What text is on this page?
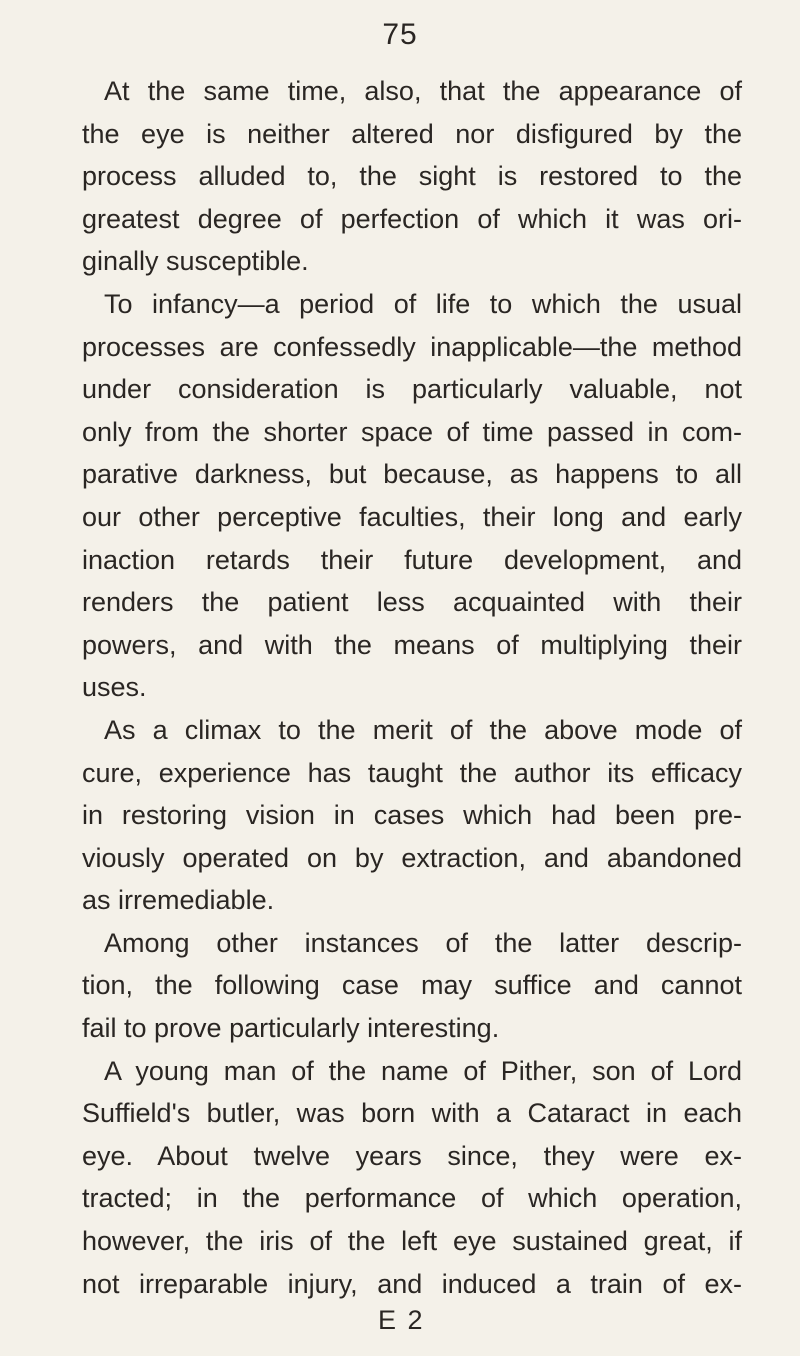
75
At the same time, also, that the appearance of
the eye is neither altered nor disfigured by the
process alluded to, the sight is restored to the
greatest degree of perfection of which it was ori-
ginally susceptible.
To infancy—a period of life to which the usual
processes are confessedly inapplicable—the method
under consideration is particularly valuable, not
only from the shorter space of time passed in com-
parative darkness, but because, as happens to all
our other perceptive faculties, their long and early
inaction retards their future development, and
renders the patient less acquainted with their
powers, and with the means of multiplying their
uses.
As a climax to the merit of the above mode of
cure, experience has taught the author its efficacy
in restoring vision in cases which had been pre-
viously operated on by extraction, and abandoned
as irremediable.
Among other instances of the latter descrip-
tion, the following case may suffice and cannot
fail to prove particularly interesting.
A young man of the name of Pither, son of Lord
Suffield's butler, was born with a Cataract in each
eye. About twelve years since, they were ex-
tracted; in the performance of which operation,
however, the iris of the left eye sustained great, if
not irreparable injury, and induced a train of ex-
E 2
